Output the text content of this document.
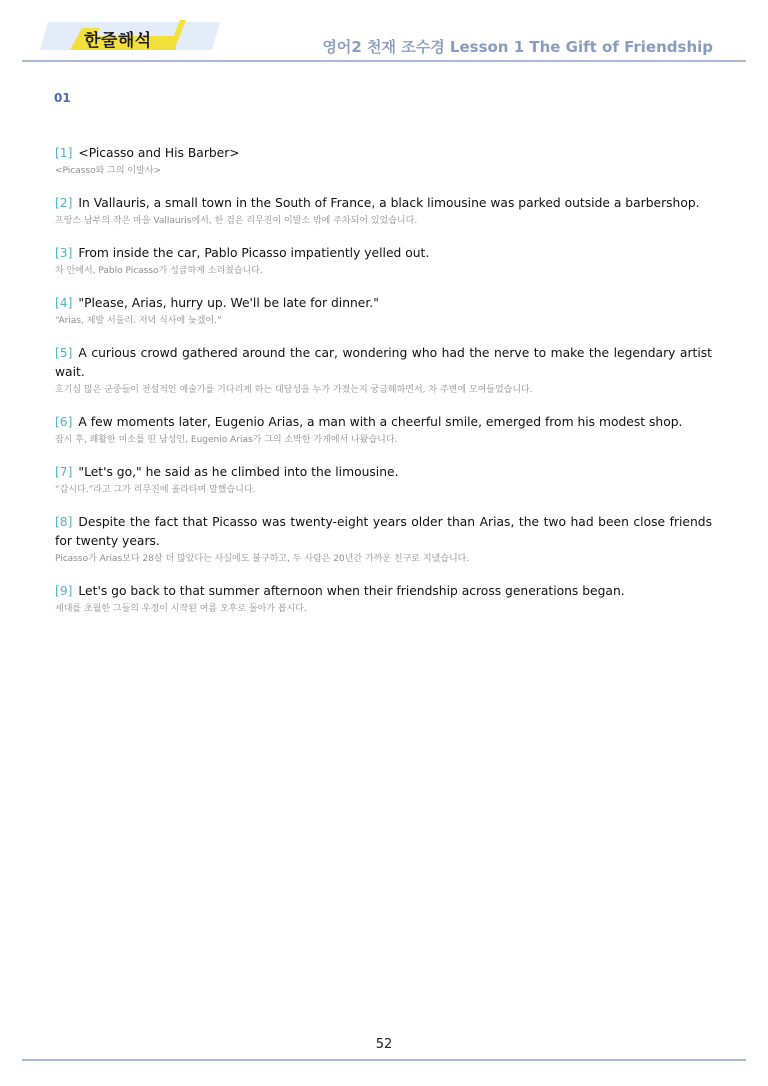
한줄해석	영어2 천재 조수경 Lesson 1 The Gift of Friendship
01

[1] <Picasso and His Barber>

<Picasso와 그의 이발사>

[2] In Vallauris, a small town in the South of France, a black limousine was parked outside a barbershop.

프랑스 남부의 작은 마을 Vallauris에서, 한 검은 리무진이 이발소 밖에 주차되어 있었습니다.

[3] From inside the car, Pablo Picasso impatiently yelled out.

차 안에서, Pablo Picasso가 성급하게 소리쳤습니다.

[4] "Please, Arias, hurry up. We'll be late for dinner."

“Arias, 제발 서둘러. 저녁 식사에 늦겠어.”

[5] A curious crowd gathered around the car, wondering who had the nerve to make the legendary artist wait.

호기심 많은 군중들이 전설적인 예술가를 기다리게 하는 대담성을 누가 가졌는지 궁금해하면서, 차 주변에 모여들었습니다.

[6] A few moments later, Eugenio Arias, a man with a cheerful smile, emerged from his modest shop.

잠시 후, 쾌활한 미소를 띤 남성인, Eugenio Arias가 그의 소박한 가게에서 나왔습니다.

[7] "Let's go," he said as he climbed into the limousine.

“갑시다.”라고 그가 리무진에 올라타며 말했습니다.

[8] Despite the fact that Picasso was twenty-eight years older than Arias, the two had been close friends for twenty years.

Picasso가 Arias보다 28살 더 많았다는 사실에도 불구하고, 두 사람은 20년간 가까운 친구로 지냈습니다.

[9] Let's go back to that summer afternoon when their friendship across generations began.

세대를 초월한 그들의 우정이 시작된 여름 오후로 돌아가 봅시다.

52
